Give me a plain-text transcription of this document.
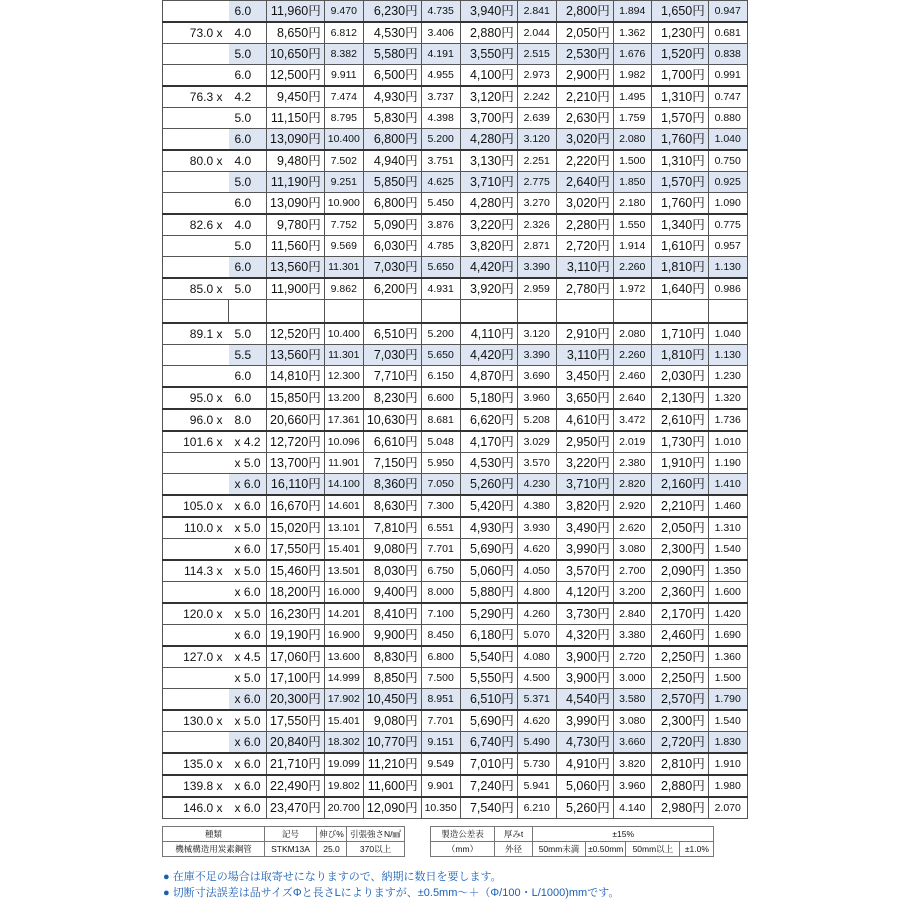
	6.0	11,960円	9.470	6,230円	4.735	3,940円	2.841	2,800円	1.894	1,650円	0.947
73.0 x	4.0	8,650円	6.812	4,530円	3.406	2,880円	2.044	2,050円	1.362	1,230円	0.681
	5.0	10,650円	8.382	5,580円	4.191	3,550円	2.515	2,530円	1.676	1,520円	0.838
	6.0	12,500円	9.911	6,500円	4.955	4,100円	2.973	2,900円	1.982	1,700円	0.991
76.3 x	4.2	9,450円	7.474	4,930円	3.737	3,120円	2.242	2,210円	1.495	1,310円	0.747
	5.0	11,150円	8.795	5,830円	4.398	3,700円	2.639	2,630円	1.759	1,570円	0.880
	6.0	13,090円	10.400	6,800円	5.200	4,280円	3.120	3,020円	2.080	1,760円	1.040
80.0 x	4.0	9,480円	7.502	4,940円	3.751	3,130円	2.251	2,220円	1.500	1,310円	0.750
	5.0	11,190円	9.251	5,850円	4.625	3,710円	2.775	2,640円	1.850	1,570円	0.925
	6.0	13,090円	10.900	6,800円	5.450	4,280円	3.270	3,020円	2.180	1,760円	1.090
82.6 x	4.0	9,780円	7.752	5,090円	3.876	3,220円	2.326	2,280円	1.550	1,340円	0.775
	5.0	11,560円	9.569	6,030円	4.785	3,820円	2.871	2,720円	1.914	1,610円	0.957
	6.0	13,560円	11.301	7,030円	5.650	4,420円	3.390	3,110円	2.260	1,810円	1.130
85.0 x	5.0	11,900円	9.862	6,200円	4.931	3,920円	2.959	2,780円	1.972	1,640円	0.986

89.1 x	5.0	12,520円	10.400	6,510円	5.200	4,110円	3.120	2,910円	2.080	1,710円	1.040
	5.5	13,560円	11.301	7,030円	5.650	4,420円	3.390	3,110円	2.260	1,810円	1.130
	6.0	14,810円	12.300	7,710円	6.150	4,870円	3.690	3,450円	2.460	2,030円	1.230
95.0 x	6.0	15,850円	13.200	8,230円	6.600	5,180円	3.960	3,650円	2.640	2,130円	1.320
96.0 x	8.0	20,660円	17.361	10,630円	8.681	6,620円	5.208	4,610円	3.472	2,610円	1.736
101.6 x	x 4.2	12,720円	10.096	6,610円	5.048	4,170円	3.029	2,950円	2.019	1,730円	1.010
	x 5.0	13,700円	11.901	7,150円	5.950	4,530円	3.570	3,220円	2.380	1,910円	1.190
	x 6.0	16,110円	14.100	8,360円	7.050	5,260円	4.230	3,710円	2.820	2,160円	1.410
105.0 x	x 6.0	16,670円	14.601	8,630円	7.300	5,420円	4.380	3,820円	2.920	2,210円	1.460
110.0 x	x 5.0	15,020円	13.101	7,810円	6.551	4,930円	3.930	3,490円	2.620	2,050円	1.310
	x 6.0	17,550円	15.401	9,080円	7.701	5,690円	4.620	3,990円	3.080	2,300円	1.540
114.3 x	x 5.0	15,460円	13.501	8,030円	6.750	5,060円	4.050	3,570円	2.700	2,090円	1.350
	x 6.0	18,200円	16.000	9,400円	8.000	5,880円	4.800	4,120円	3.200	2,360円	1.600
120.0 x	x 5.0	16,230円	14.201	8,410円	7.100	5,290円	4.260	3,730円	2.840	2,170円	1.420
	x 6.0	19,190円	16.900	9,900円	8.450	6,180円	5.070	4,320円	3.380	2,460円	1.690
127.0 x	x 4.5	17,060円	13.600	8,830円	6.800	5,540円	4.080	3,900円	2.720	2,250円	1.360
	x 5.0	17,100円	14.999	8,850円	7.500	5,550円	4.500	3,900円	3.000	2,250円	1.500
	x 6.0	20,300円	17.902	10,450円	8.951	6,510円	5.371	4,540円	3.580	2,570円	1.790
130.0 x	x 5.0	17,550円	15.401	9,080円	7.701	5,690円	4.620	3,990円	3.080	2,300円	1.540
	x 6.0	20,840円	18.302	10,770円	9.151	6,740円	5.490	4,730円	3.660	2,720円	1.830
135.0 x	x 6.0	21,710円	19.099	11,210円	9.549	7,010円	5.730	4,910円	3.820	2,810円	1.910
139.8 x	x 6.0	22,490円	19.802	11,600円	9.901	7,240円	5.941	5,060円	3.960	2,880円	1.980
146.0 x	x 6.0	23,470円	20.700	12,090円	10.350	7,540円	6.210	5,260円	4.140	2,980円	2.070
種類	記号	伸び%	引張強さN/㎟		製造公差表	厚みt	±15%			
機械構造用炭素鋼管	STKM13A	25.0	370以上		（mm）	外径	50mm未満	±0.50mm	50mm以上	±1.0%
● 在庫不足の場合は取寄せになりますので、納期に数日を要します。
● 切断寸法誤差は品サイズΦと長さLによりますが、±0.5mm～＋（Φ/100・L/1000)mmです。
